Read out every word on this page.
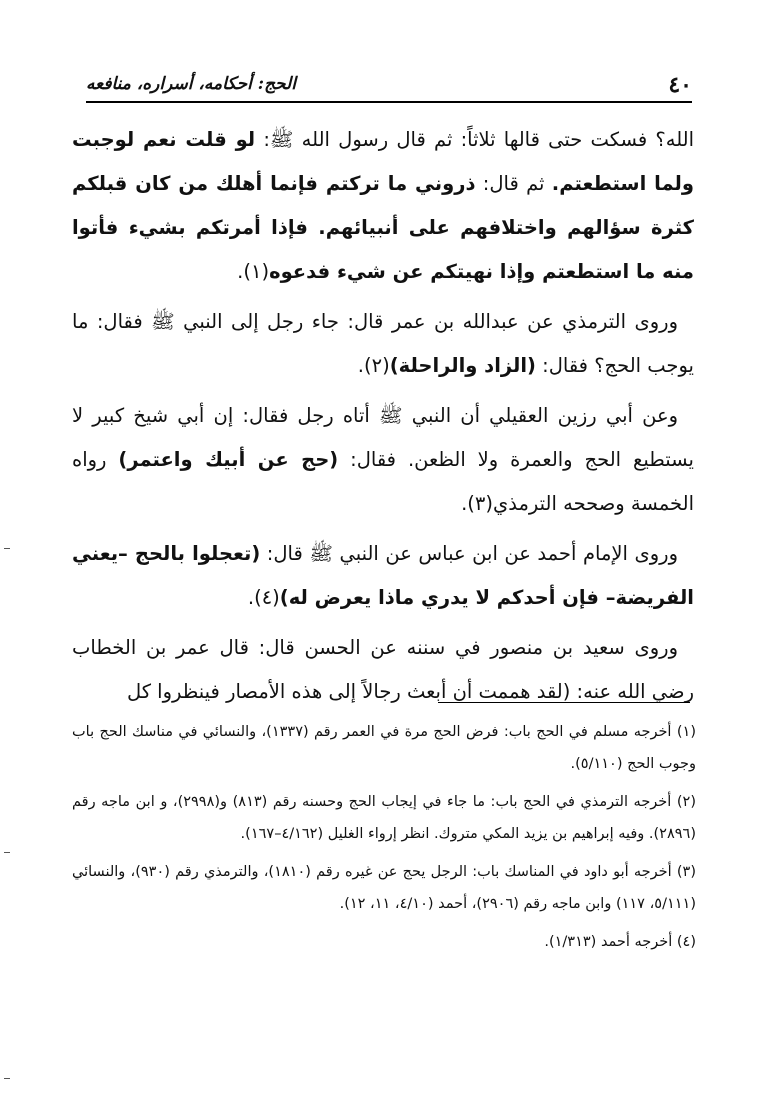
٤٠
الحج: أحكامه، أسراره، منافعه

الله؟ فسكت حتى قالها ثلاثاً: ثم قال رسول الله ﷺ: لو قلت نعم لوجبت ولما استطعتم. ثم قال: ذروني ما تركتم فإنما أهلك من كان قبلكم كثرة سؤالهم واختلافهم على أنبيائهم. فإذا أمرتكم بشيء فأتوا منه ما استطعتم وإذا نهيتكم عن شيء فدعوه(١).

وروى الترمذي عن عبدالله بن عمر قال: جاء رجل إلى النبي ﷺ فقال: ما يوجب الحج؟ فقال: (الزاد والراحلة)(٢).

وعن أبي رزين العقيلي أن النبي ﷺ أتاه رجل فقال: إن أبي شيخ كبير لا يستطيع الحج والعمرة ولا الظعن. فقال: (حج عن أبيك واعتمر) رواه الخمسة وصححه الترمذي(٣).

وروى الإمام أحمد عن ابن عباس عن النبي ﷺ قال: (تعجلوا بالحج –يعني الفريضة– فإن أحدكم لا يدري ماذا يعرض له)(٤).

وروى سعيد بن منصور في سننه عن الحسن قال: قال عمر بن الخطاب رضي الله عنه: (لقد هممت أن أبعث رجالاً إلى هذه الأمصار فينظروا كل

(١) أخرجه مسلم في الحج باب: فرض الحج مرة في العمر رقم (١٣٣٧)، والنسائي في مناسك الحج باب وجوب الحج (٥/١١٠).

(٢) أخرجه الترمذي في الحج باب: ما جاء في إيجاب الحج وحسنه رقم (٨١٣) و(٢٩٩٨)، و ابن ماجه رقم (٢٨٩٦). وفيه إبراهيم بن يزيد المكي متروك. انظر إرواء الغليل (٤/١٦٢–١٦٧).

(٣) أخرجه أبو داود في المناسك باب: الرجل يحج عن غيره رقم (١٨١٠)، والترمذي رقم (٩٣٠)، والنسائي (٥/١١١، ١١٧) وابن ماجه رقم (٢٩٠٦)، أحمد (٤/١٠، ١١، ١٢).

(٤) أخرجه أحمد (١/٣١٣).
